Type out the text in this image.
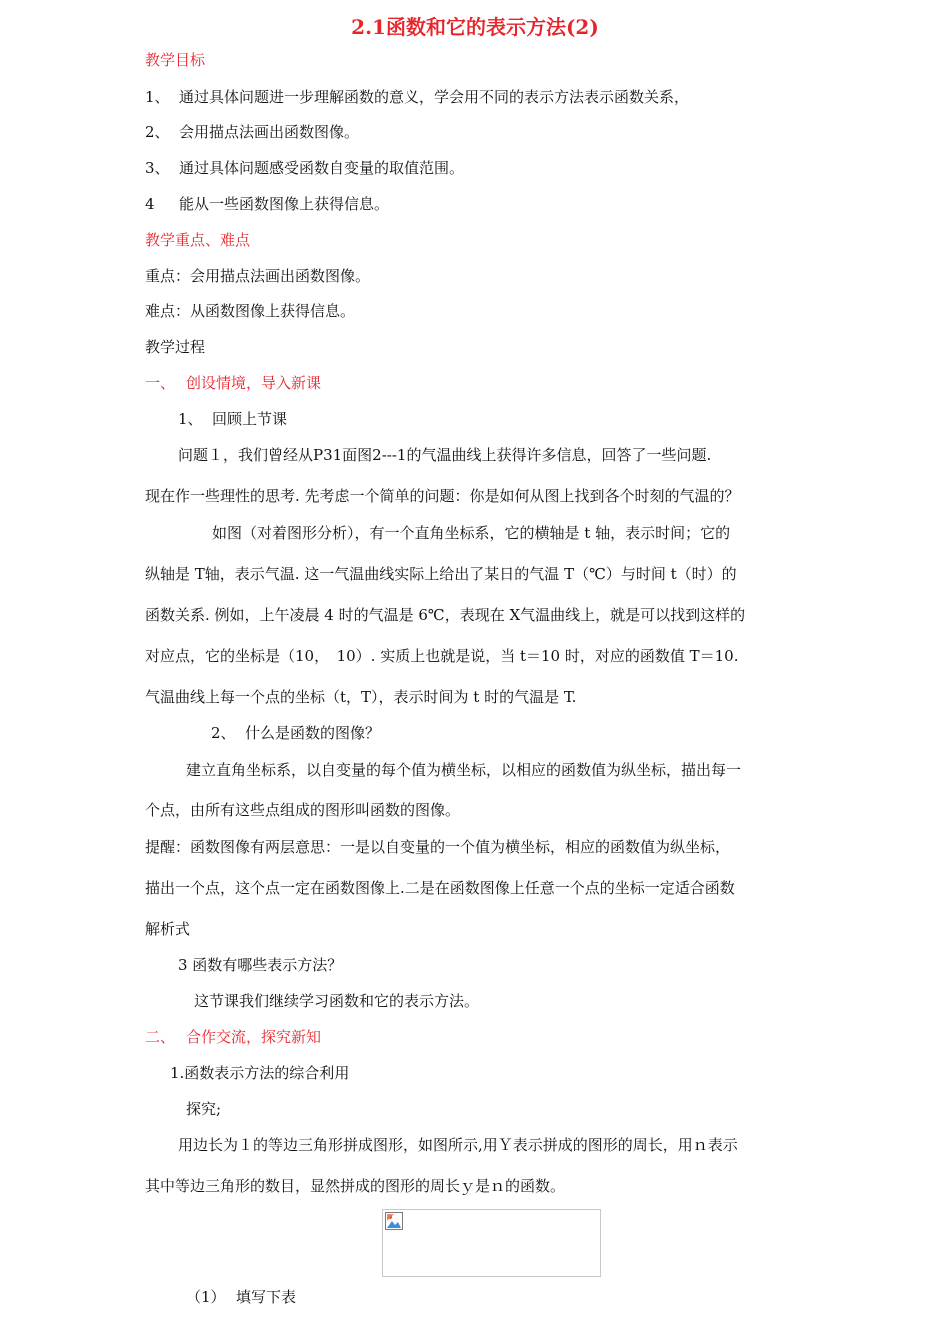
2.1函数和它的表示方法(2)
教学目标
1、 通过具体问题进一步理解函数的意义，学会用不同的表示方法表示函数关系，
2、 会用描点法画出函数图像。
3、 通过具体问题感受函数自变量的取值范围。
4 能从一些函数图像上获得信息。
教学重点、难点
重点：会用描点法画出函数图像。
难点：从函数图像上获得信息。
教学过程
一、 创设情境，导入新课
1、 回顾上节课
问题１，我们曾经从P31面图2---1的气温曲线上获得许多信息，回答了一些问题.
现在作一些理性的思考. 先考虑一个简单的问题：你是如何从图上找到各个时刻的气温的？
如图（对着图形分析），有一个直角坐标系，它的横轴是 t 轴，表示时间；它的
纵轴是 T轴，表示气温. 这一气温曲线实际上给出了某日的气温 T（℃）与时间 t（时）的
函数关系. 例如，上午凌晨 4 时的气温是 6℃，表现在 X气温曲线上，就是可以找到这样的
对应点，它的坐标是（10，　10）. 实质上也就是说，当 t＝10 时，对应的函数值 T＝10.
气温曲线上每一个点的坐标（t，T），表示时间为 t 时的气温是 T.
2、 什么是函数的图像？
建立直角坐标系，以自变量的每个值为横坐标，以相应的函数值为纵坐标，描出每一
个点，由所有这些点组成的图形叫函数的图像。
提醒：函数图像有两层意思：一是以自变量的一个值为横坐标，相应的函数值为纵坐标，
描出一个点，这个点一定在函数图像上.二是在函数图像上任意一个点的坐标一定适合函数
解析式
3 函数有哪些表示方法？
这节课我们继续学习函数和它的表示方法。
二、 合作交流，探究新知
1.函数表示方法的综合利用
探究;
用边长为１的等边三角形拼成图形，如图所示,用Ｙ表示拼成的图形的周长，用ｎ表示
其中等边三角形的数目，显然拼成的图形的周长ｙ是ｎ的函数。
（1） 填写下表
